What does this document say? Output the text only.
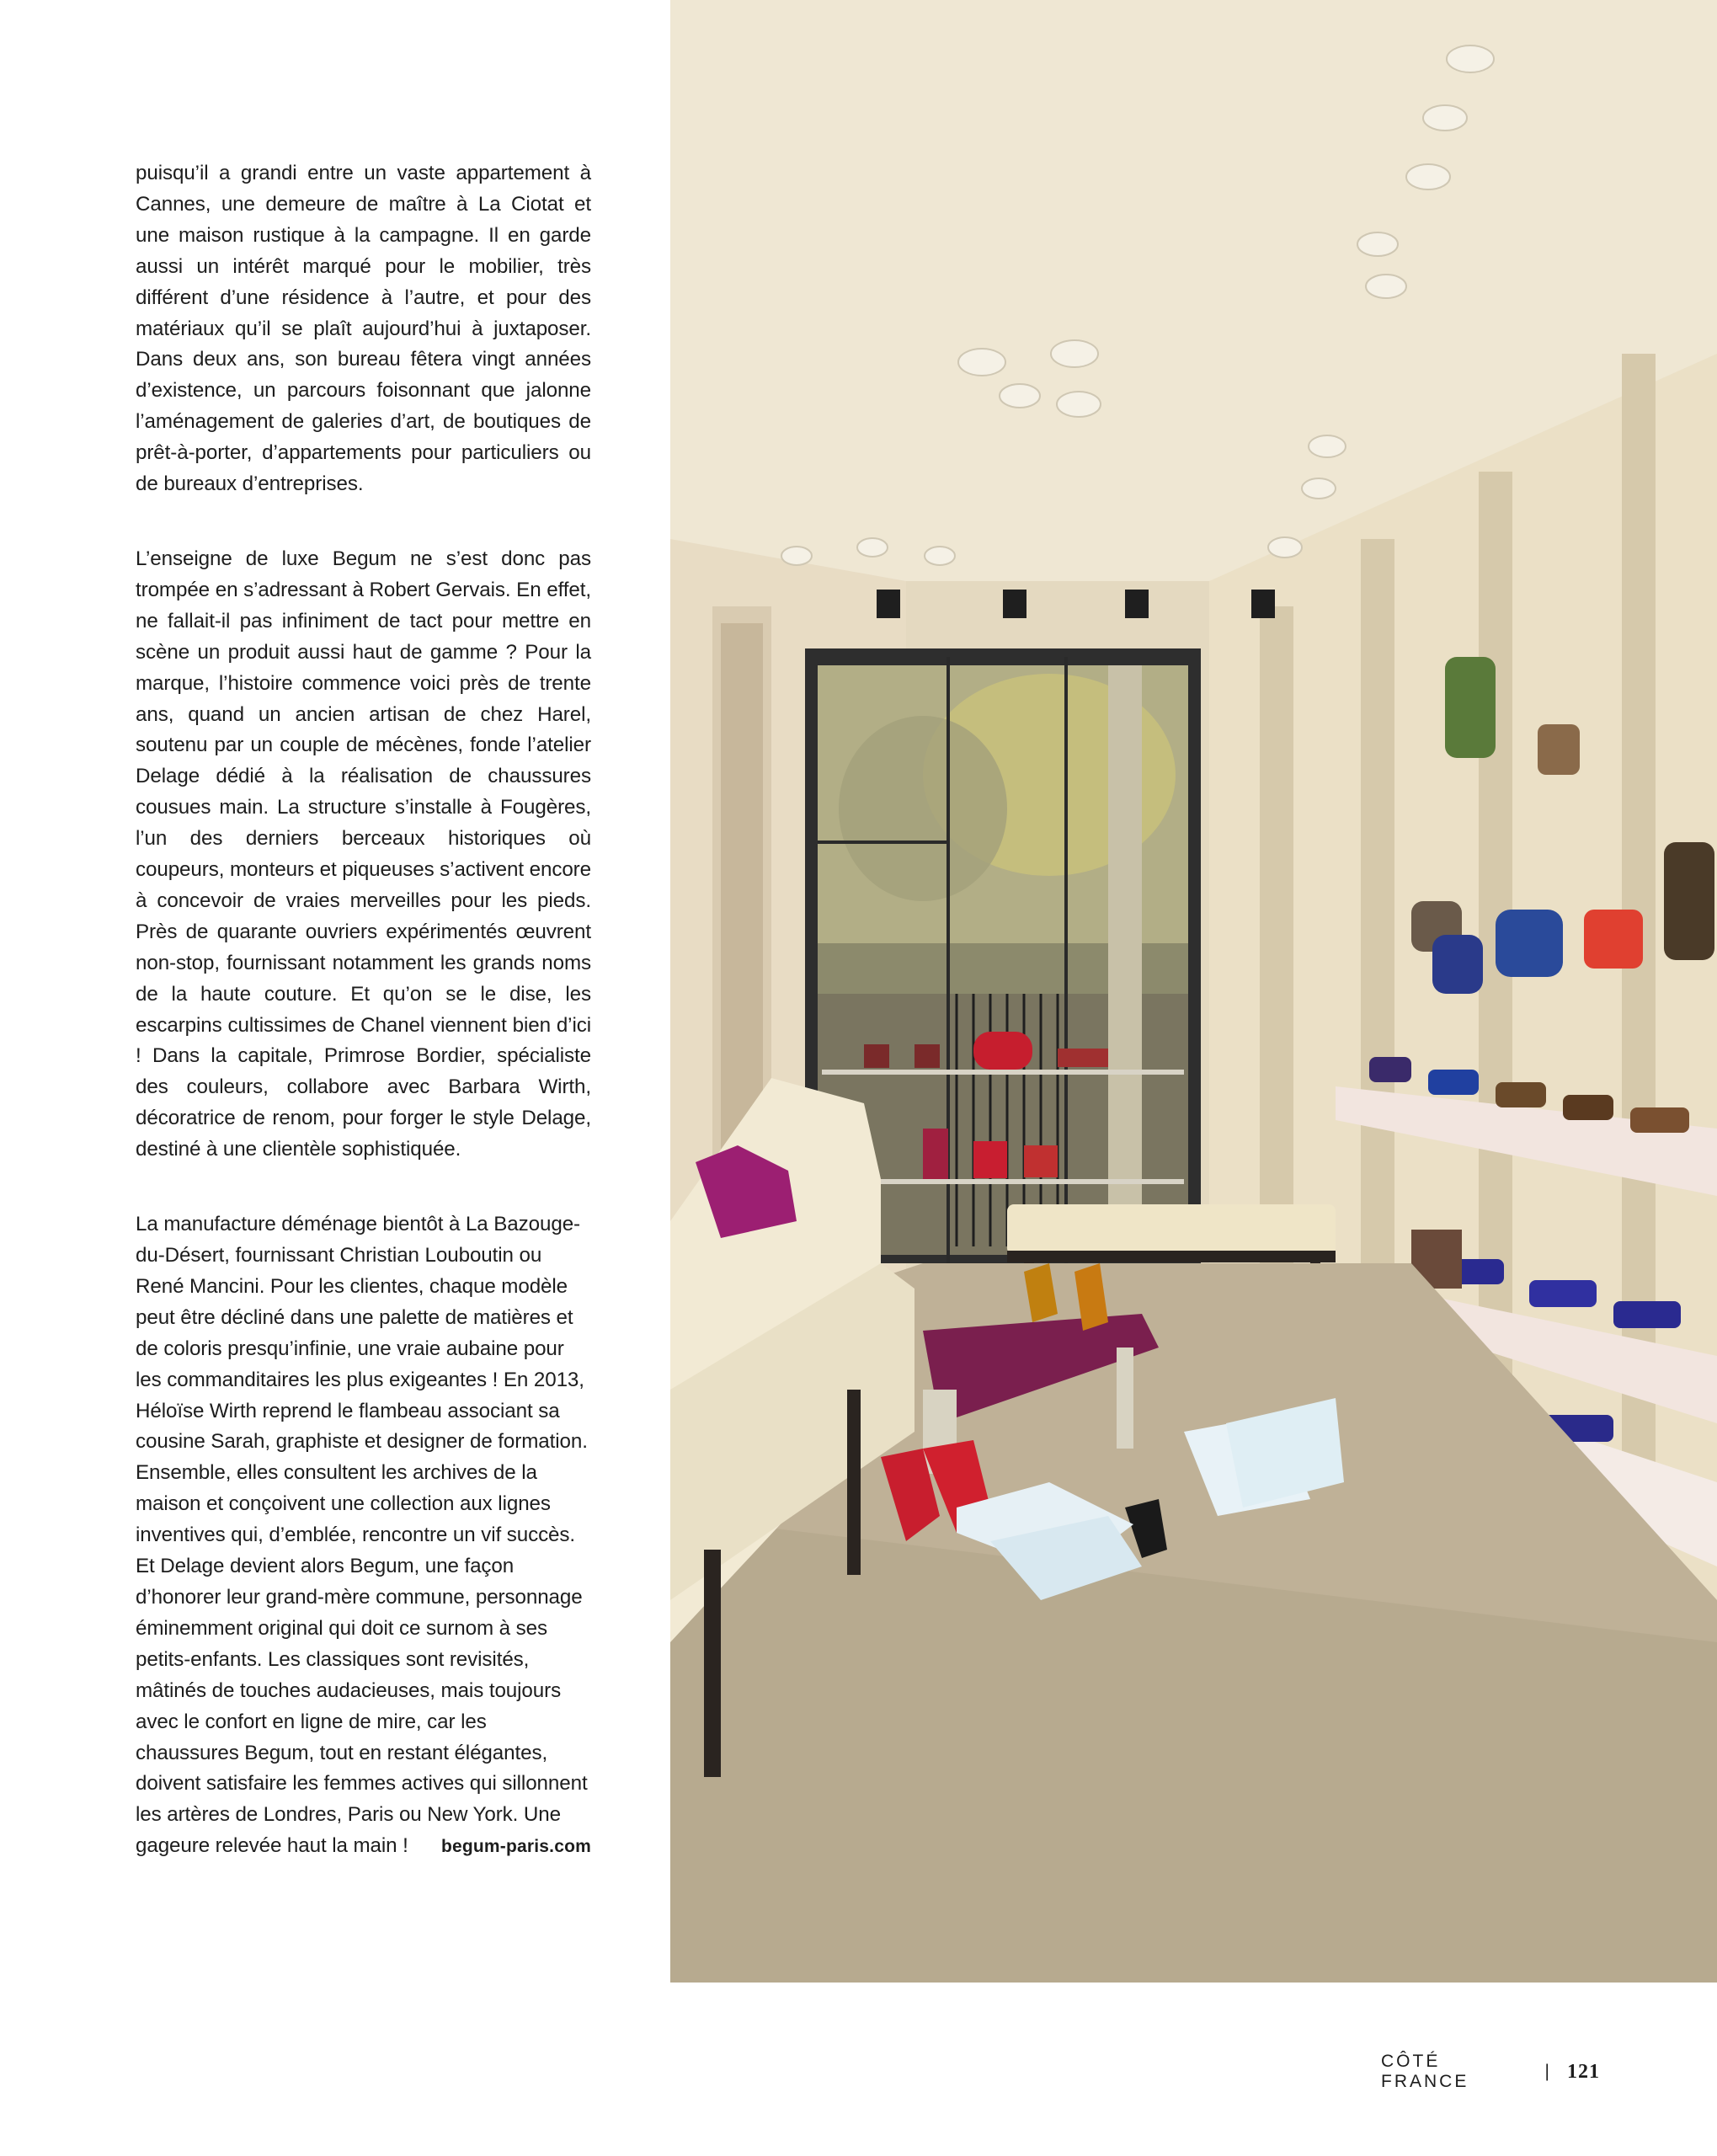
puisqu’il a grandi entre un vaste appartement à Cannes, une demeure de maître à La Ciotat et une maison rustique à la campagne. Il en garde aussi un intérêt marqué pour le mobilier, très différent d’une résidence à l’autre, et pour des matériaux qu’il se plaît aujourd’hui à juxtaposer. Dans deux ans, son bureau fêtera vingt années d’existence, un parcours foisonnant que jalonne l’aménagement de galeries d’art, de boutiques de prêt-à-porter, d’appartements pour particuliers ou de bureaux d’entreprises.

L’enseigne de luxe Begum ne s’est donc pas trompée en s’adressant à Robert Gervais. En effet, ne fallait-il pas infiniment de tact pour mettre en scène un produit aussi haut de gamme ? Pour la marque, l’histoire commence voici près de trente ans, quand un ancien artisan de chez Harel, soutenu par un couple de mécènes, fonde l’atelier Delage dédié à la réalisation de chaussures cousues main. La structure s’installe à Fougères, l’un des derniers berceaux historiques où coupeurs, monteurs et piqueuses s’activent encore à concevoir de vraies merveilles pour les pieds. Près de quarante ouvriers expérimentés œuvrent non-stop, fournissant notamment les grands noms de la haute couture. Et qu’on se le dise, les escarpins cultissimes de Chanel viennent bien d’ici ! Dans la capitale, Primrose Bordier, spécialiste des couleurs, collabore avec Barbara Wirth, décoratrice de renom, pour forger le style Delage, destiné à une clientèle sophistiquée.

La manufacture déménage bientôt à La Bazouge-du-Désert, fournissant Christian Louboutin ou René Mancini. Pour les clientes, chaque modèle peut être décliné dans une palette de matières et de coloris presqu’infinie, une vraie aubaine pour les commanditaires les plus exigeantes ! En 2013, Héloïse Wirth reprend le flambeau associant sa cousine Sarah, graphiste et designer de formation. Ensemble, elles consultent les archives de la maison et conçoivent une collection aux lignes inventives qui, d’emblée, rencontre un vif succès. Et Delage devient alors Begum, une façon d’honorer leur grand-mère commune, personnage éminemment original qui doit ce surnom à ses petits-enfants. Les classiques sont revisités, mâtinés de touches audacieuses, mais toujours avec le confort en ligne de mire, car les chaussures Begum, tout en restant élégantes, doivent satisfaire les femmes actives qui sillonnent les artères de Londres, Paris ou New York. Une gageure relevée haut la main ! begum-paris.com

CÔTÉ FRANCE
| 121
